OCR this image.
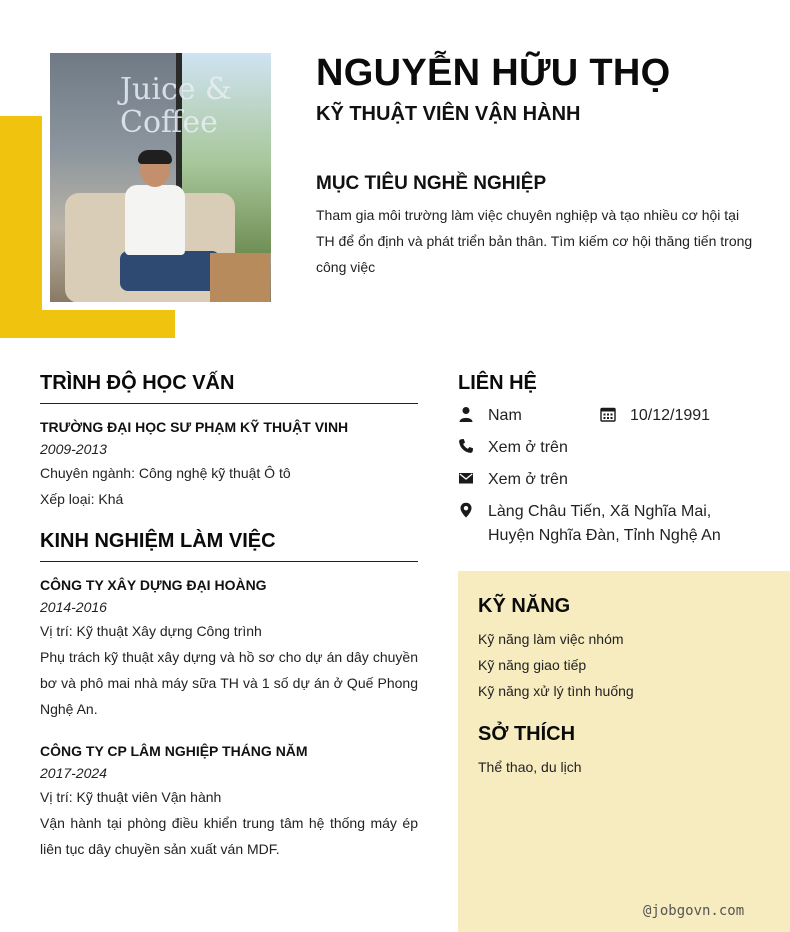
Juice & Coffee
NGUYỄN HỮU THỌ
KỸ THUẬT VIÊN VẬN HÀNH
MỤC TIÊU NGHỀ NGHIỆP
Tham gia môi trường làm việc chuyên nghiệp và tạo nhiều cơ hội tại TH để ổn định và phát triển bản thân. Tìm kiếm cơ hội thăng tiến trong công việc
TRÌNH ĐỘ HỌC VẤN
TRƯỜNG ĐẠI HỌC SƯ PHẠM KỸ THUẬT VINH
2009-2013
Chuyên ngành: Công nghệ kỹ thuật Ô tô
Xếp loại: Khá
KINH NGHIỆM LÀM VIỆC
CÔNG TY XÂY DỰNG ĐẠI HOÀNG
2014-2016
Vị trí: Kỹ thuật Xây dựng Công trình
Phụ trách kỹ thuật xây dựng và hồ sơ cho dự án dây chuyền bơ và phô mai nhà máy sữa TH và 1 số dự án ở Quế Phong Nghệ An.
CÔNG TY CP LÂM NGHIỆP THÁNG NĂM
2017-2024
Vị trí: Kỹ thuật viên Vận hành
Vận hành tại phòng điều khiển trung tâm hệ thống máy ép liên tục dây chuyền sản xuất ván MDF.
LIÊN HỆ
Nam	10/12/1991
Xem ở trên
Xem ở trên
Làng Châu Tiến, Xã Nghĩa Mai,
Huyện Nghĩa Đàn, Tỉnh Nghệ An
KỸ NĂNG
Kỹ năng làm việc nhóm
Kỹ năng giao tiếp
Kỹ năng xử lý tình huống
SỞ THÍCH
Thể thao, du lịch
@jobgovn.com
